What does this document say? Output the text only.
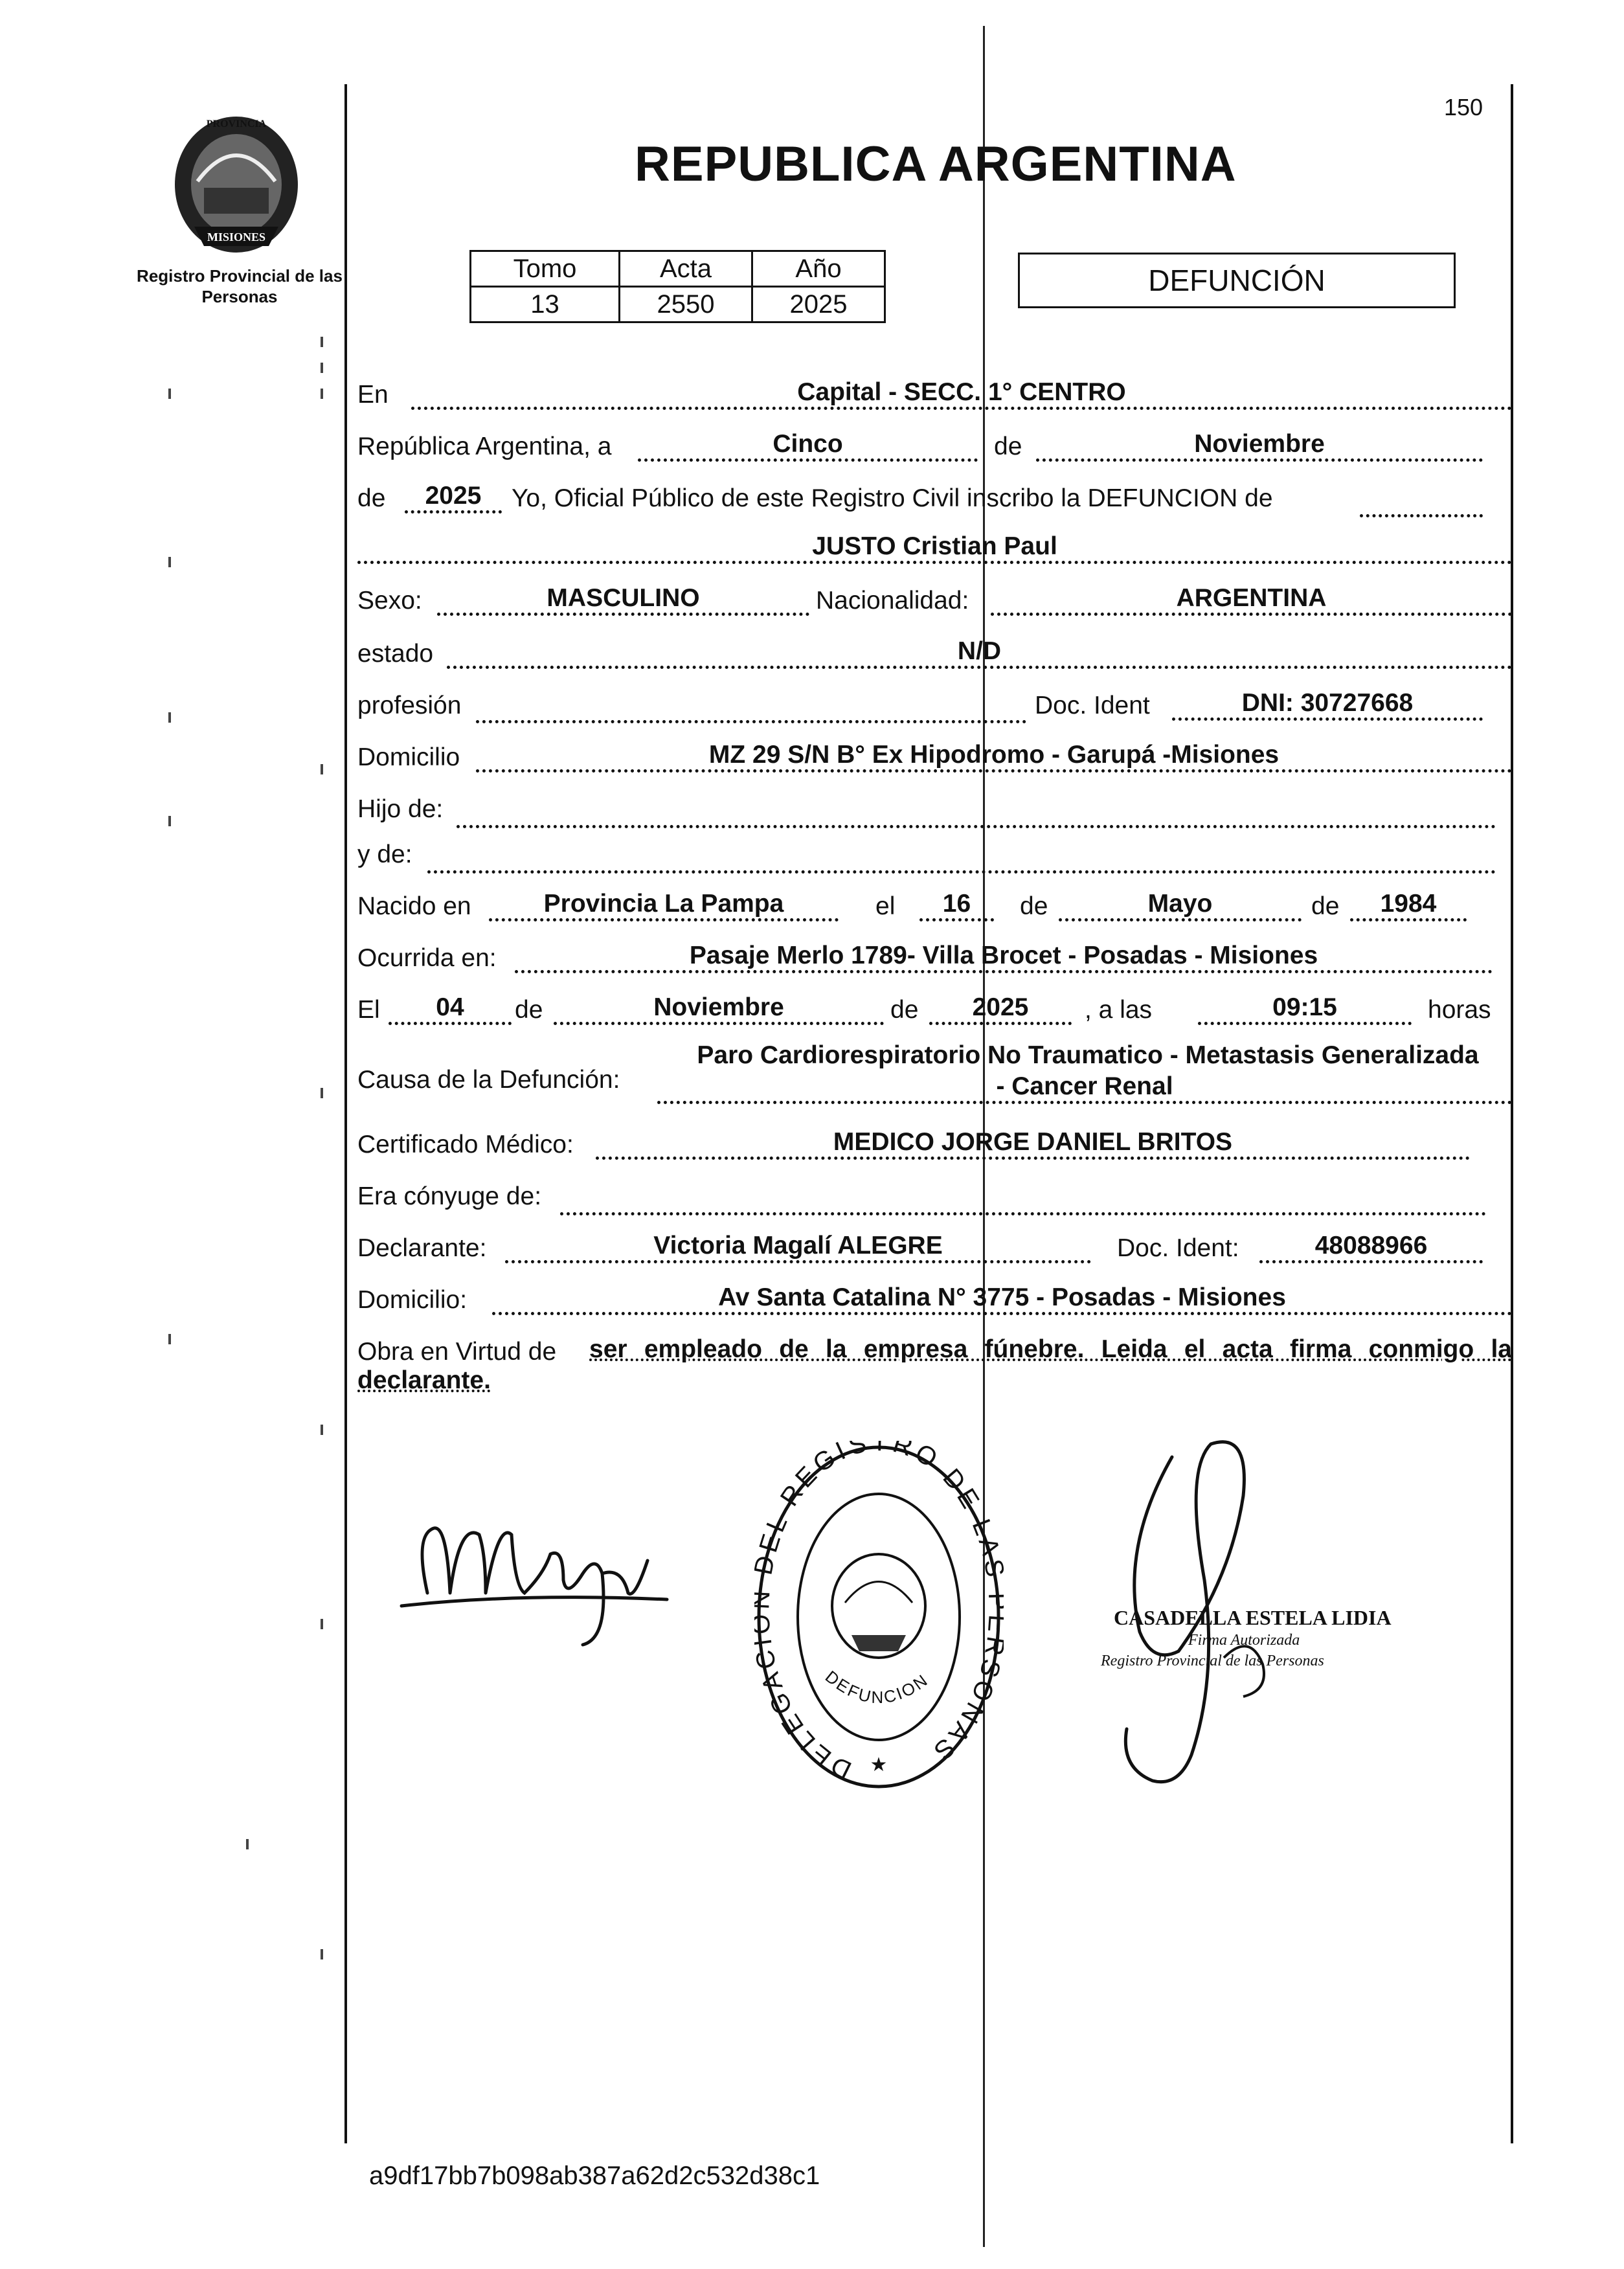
PROVINCIA
MISIONES
Registro Provincial de las Personas
150
REPUBLICA ARGENTINA
Tomo	Acta	Año
13	2550	2025
DEFUNCIÓN
En	Capital - SECC. 1° CENTRO
República Argentina, a	Cinco	de	Noviembre
de	2025	Yo, Oficial Público de este Registro Civil inscribo la DEFUNCION de
JUSTO Cristian Paul
Sexo:	MASCULINO	Nacionalidad:	ARGENTINA
estado	N/D
profesión	Doc. Ident	DNI: 30727668
Domicilio	MZ 29 S/N B° Ex Hipodromo - Garupá -Misiones
Hijo de:
y de:
Nacido en	Provincia La Pampa	el	16	de	Mayo	de	1984
Ocurrida en:	Pasaje Merlo 1789- Villa Brocet - Posadas - Misiones
El	04	de	Noviembre	de	2025	, a las	09:15	horas
Causa de la Defunción:
Paro Cardiorespiratorio No Traumatico - Metastasis Generalizada
- Cancer Renal
Certificado Médico:	MEDICO JORGE DANIEL BRITOS
Era cónyuge de:
Declarante:	Victoria Magalí ALEGRE	Doc. Ident:	48088966
Domicilio:	Av Santa Catalina N° 3775 - Posadas - Misiones
Obra en Virtud de ser empleado de la empresa fúnebre. Leida el acta firma conmigo la
declarante.
DELEGA EL REGISTRO DE LA SONAS
DEFUNCION
★
CASADELLA ESTELA LIDIA
Firma Autorizada
Registro Provincial de las Personas
a9df17bb7b098ab387a62d2c532d38c1
